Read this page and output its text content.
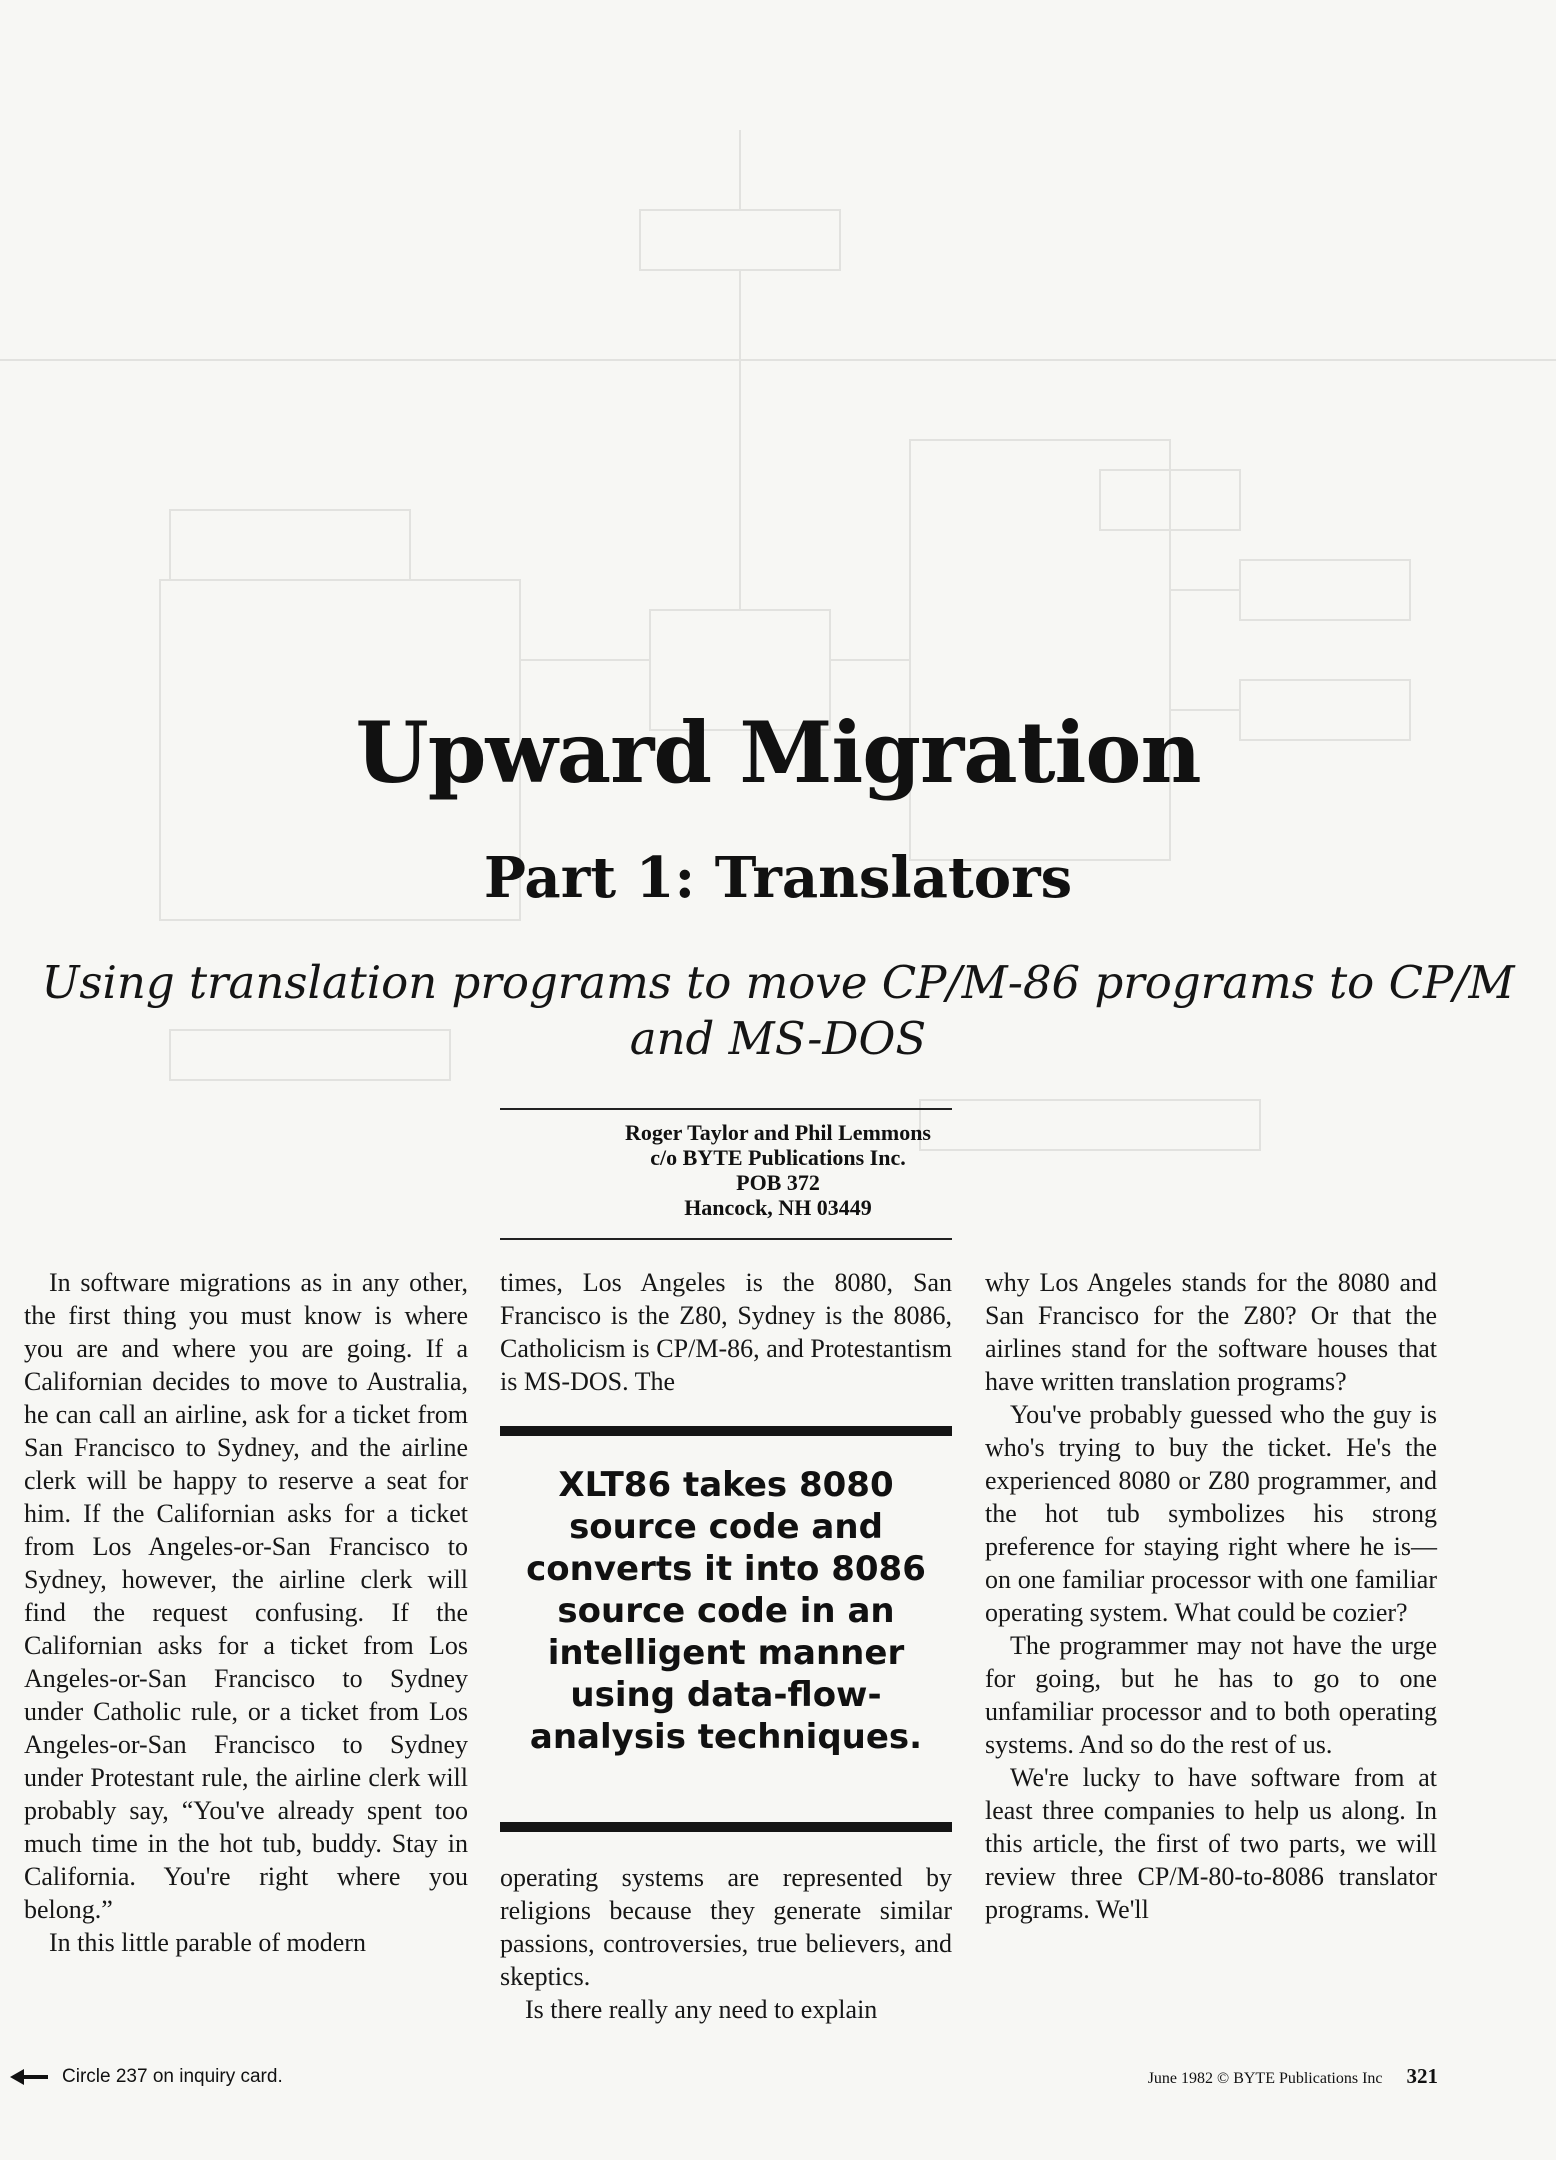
Upward Migration
Part 1: Translators
Using translation programs to move CP/M-86 programs to CP/M and MS-DOS
Roger Taylor and Phil Lemmons
c/o BYTE Publications Inc.
POB 372
Hancock, NH 03449

In software migrations as in any other, the first thing you must know is where you are and where you are going. If a Californian decides to move to Australia, he can call an airline, ask for a ticket from San Francisco to Sydney, and the airline clerk will be happy to reserve a seat for him. If the Californian asks for a ticket from Los Angeles-or-San Francisco to Sydney, however, the airline clerk will find the request confusing. If the Californian asks for a ticket from Los Angeles-or-San Francisco to Sydney under Catholic rule, or a ticket from Los Angeles-or-San Francisco to Sydney under Protestant rule, the airline clerk will probably say, “You've already spent too much time in the hot tub, buddy. Stay in California. You're right where you belong.”

In this little parable of modern

times, Los Angeles is the 8080, San Francisco is the Z80, Sydney is the 8086, Catholicism is CP/M-86, and Protestantism is MS-DOS. The

XLT86 takes 8080 source code and converts it into 8086 source code in an intelligent manner using data-flow-analysis techniques.

operating systems are represented by religions because they generate similar passions, controversies, true believers, and skeptics.

Is there really any need to explain

why Los Angeles stands for the 8080 and San Francisco for the Z80? Or that the airlines stand for the software houses that have written translation programs?

You've probably guessed who the guy is who's trying to buy the ticket. He's the experienced 8080 or Z80 programmer, and the hot tub symbolizes his strong preference for staying right where he is—on one familiar processor with one familiar operating system. What could be cozier?

The programmer may not have the urge for going, but he has to go to one unfamiliar processor and to both operating systems. And so do the rest of us.

We're lucky to have software from at least three companies to help us along. In this article, the first of two parts, we will review three CP/M-80-to-8086 translator programs. We'll

Circle 237 on inquiry card.	June 1982 © BYTE Publications Inc 321
